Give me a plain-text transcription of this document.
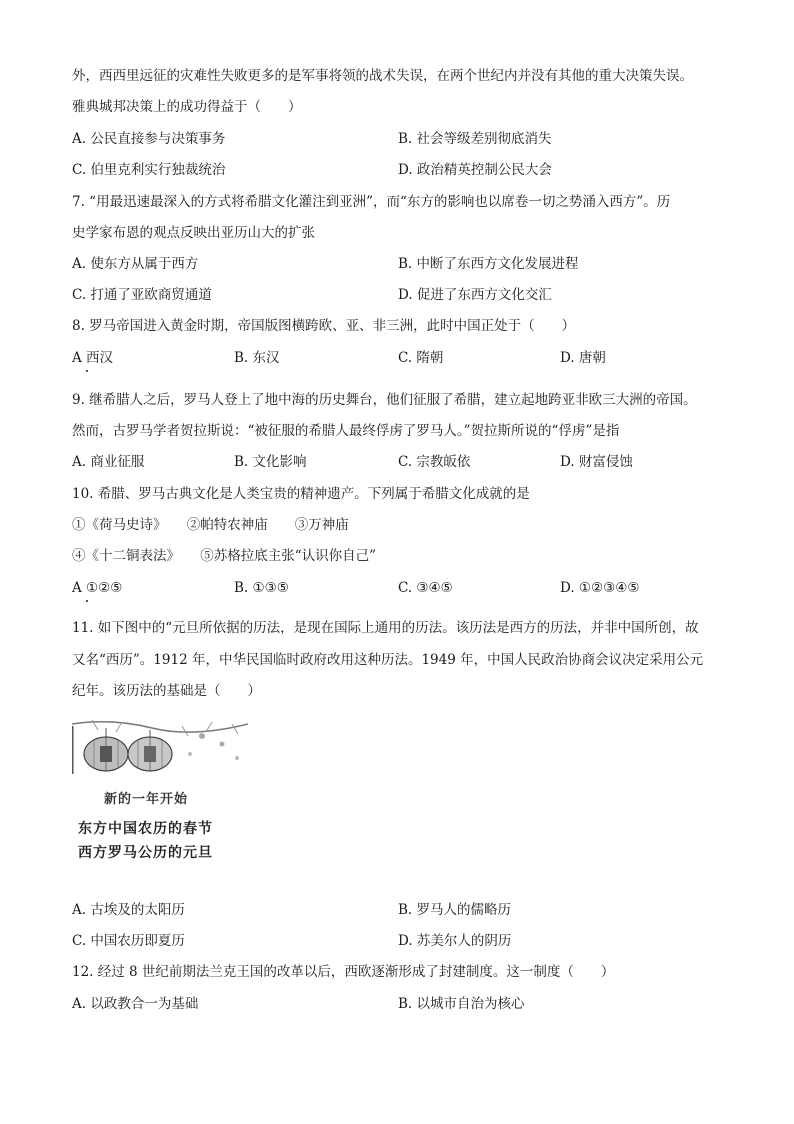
外，西西里远征的灾难性失败更多的是军事将领的战术失误，在两个世纪内并没有其他的重大决策失误。
雅典城邦决策上的成功得益于（　　）
A. 公民直接参与决策事务	B. 社会等级差别彻底消失
C. 伯里克利实行独裁统治	D. 政治精英控制公民大会
7. “用最迅速最深入的方式将希腊文化灌注到亚洲”，而“东方的影响也以席卷一切之势涌入西方”。历
史学家布恩的观点反映出亚历山大的扩张
A. 使东方从属于西方	B. 中断了东西方文化发展进程
C. 打通了亚欧商贸通道	D. 促进了东西方文化交汇
8. 罗马帝国进入黄金时期，帝国版图横跨欧、亚、非三洲，此时中国正处于（　　）
A 西汉	B. 东汉	C. 隋朝	D. 唐朝
9. 继希腊人之后，罗马人登上了地中海的历史舞台，他们征服了希腊，建立起地跨亚非欧三大洲的帝国。
然而，古罗马学者贺拉斯说：“被征服的希腊人最终俘虏了罗马人。”贺拉斯所说的“俘虏”是指
A. 商业征服	B. 文化影响	C. 宗教皈依	D. 财富侵蚀
10. 希腊、罗马古典文化是人类宝贵的精神遗产。下列属于希腊文化成就的是
①《荷马史诗》　　②帕特农神庙　　③万神庙
④《十二铜表法》　　⑤苏格拉底主张“认识你自己”
A ①②⑤	B. ①③⑤	C. ③④⑤	D. ①②③④⑤
11. 如下图中的“元旦所依据的历法，是现在国际上通用的历法。该历法是西方的历法，并非中国所创，故
又名“西历”。1912 年，中华民国临时政府改用这种历法。1949 年，中国人民政治协商会议决定采用公元
纪年。该历法的基础是（　　）
新的一年开始
东方中国农历的春节
西方罗马公历的元旦
A. 古埃及的太阳历	B. 罗马人的儒略历
C. 中国农历即夏历	D. 苏美尔人的阴历
12. 经过 8 世纪前期法兰克王国的改革以后，西欧逐渐形成了封建制度。这一制度（　　）
A. 以政教合一为基础	B. 以城市自治为核心
